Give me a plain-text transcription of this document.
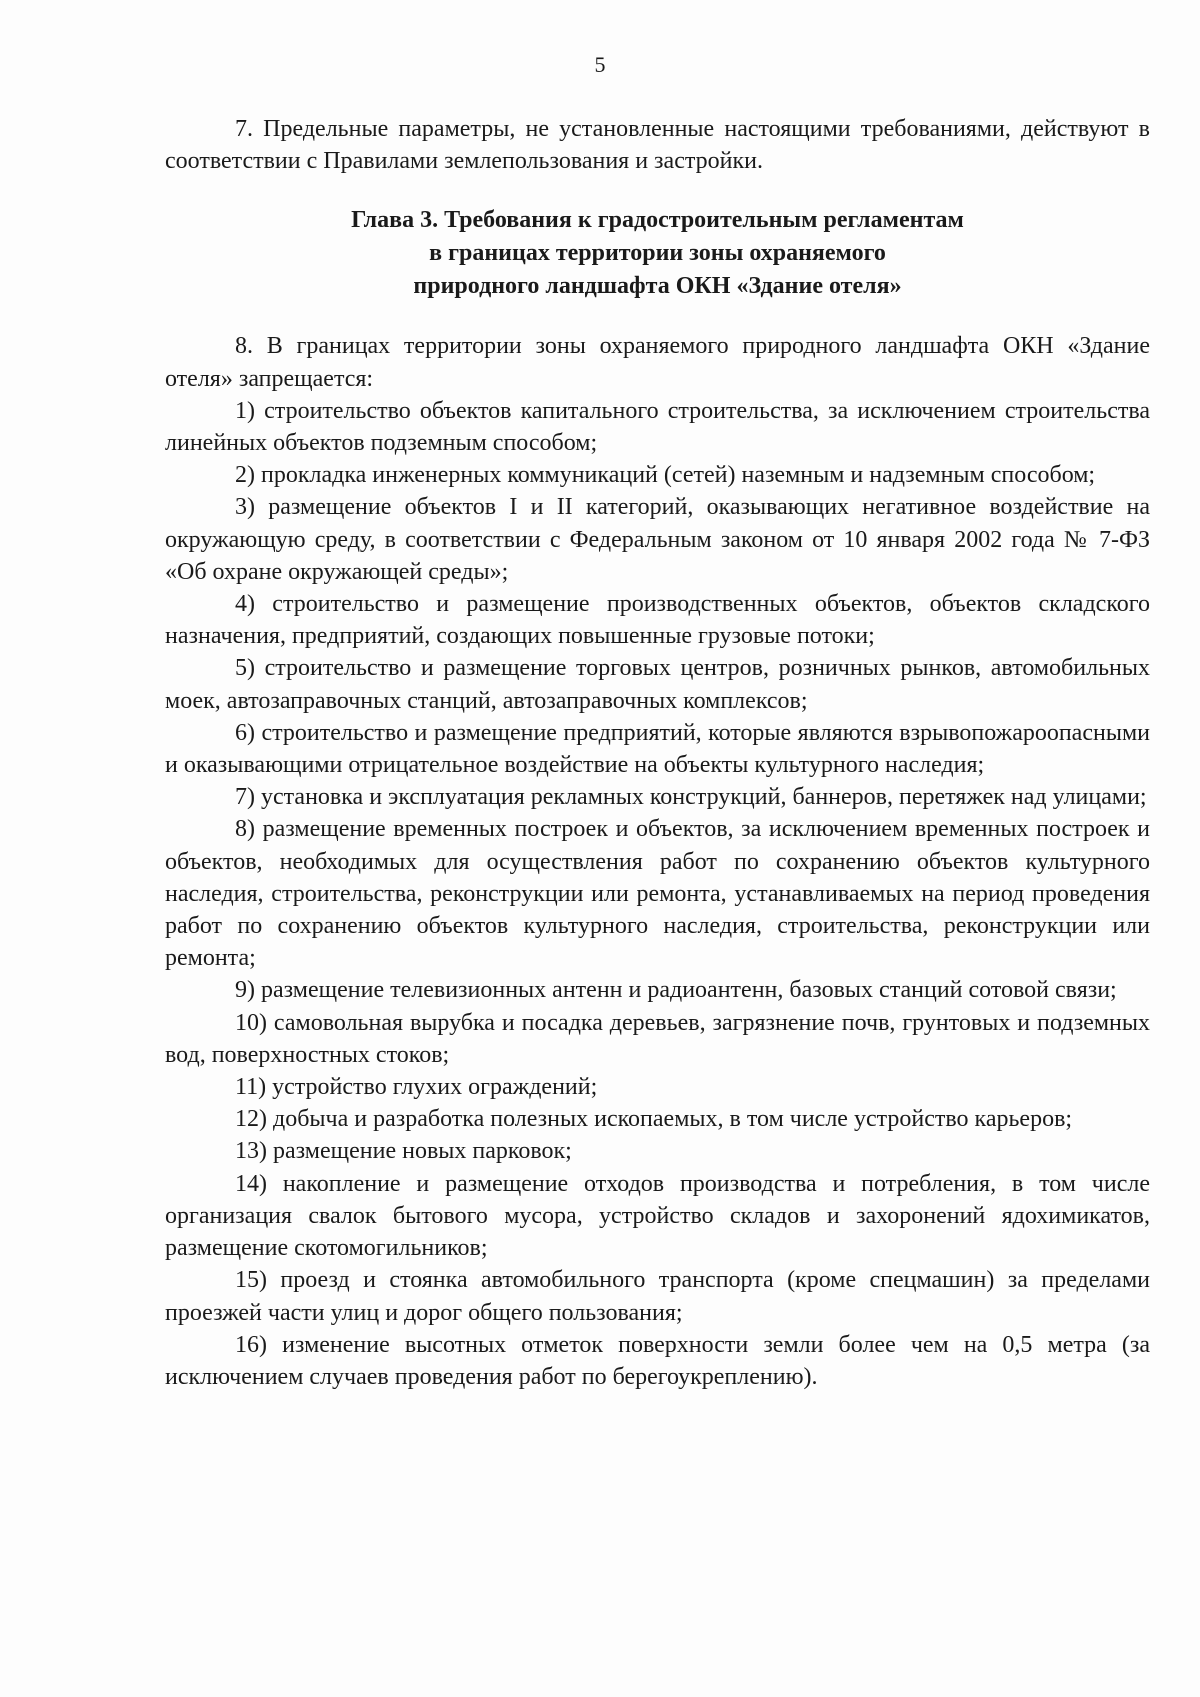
5

7. Предельные параметры, не установленные настоящими требованиями, действуют в соответствии с Правилами землепользования и застройки.

Глава 3. Требования к градостроительным регламентам
в границах территории зоны охраняемого
природного ландшафта ОКН «Здание отеля»

8. В границах территории зоны охраняемого природного ландшафта ОКН «Здание отеля» запрещается:

1) строительство объектов капитального строительства, за исключением строительства линейных объектов подземным способом;

2) прокладка инженерных коммуникаций (сетей) наземным и надземным способом;

3) размещение объектов I и II категорий, оказывающих негативное воздействие на окружающую среду, в соответствии с Федеральным законом от 10 января 2002 года № 7-ФЗ «Об охране окружающей среды»;

4) строительство и размещение производственных объектов, объектов складского назначения, предприятий, создающих повышенные грузовые потоки;

5) строительство и размещение торговых центров, розничных рынков, автомобильных моек, автозаправочных станций, автозаправочных комплексов;

6) строительство и размещение предприятий, которые являются взрывопожароопасными и оказывающими отрицательное воздействие на объекты культурного наследия;

7) установка и эксплуатация рекламных конструкций, баннеров, перетяжек над улицами;

8) размещение временных построек и объектов, за исключением временных построек и объектов, необходимых для осуществления работ по сохранению объектов культурного наследия, строительства, реконструкции или ремонта, устанавливаемых на период проведения работ по сохранению объектов культурного наследия, строительства, реконструкции или ремонта;

9) размещение телевизионных антенн и радиоантенн, базовых станций сотовой связи;

10) самовольная вырубка и посадка деревьев, загрязнение почв, грунтовых и подземных вод, поверхностных стоков;

11) устройство глухих ограждений;

12) добыча и разработка полезных ископаемых, в том числе устройство карьеров;

13) размещение новых парковок;

14) накопление и размещение отходов производства и потребления, в том числе организация свалок бытового мусора, устройство складов и захоронений ядохимикатов, размещение скотомогильников;

15) проезд и стоянка автомобильного транспорта (кроме спецмашин) за пределами проезжей части улиц и дорог общего пользования;

16) изменение высотных отметок поверхности земли более чем на 0,5 метра (за исключением случаев проведения работ по берегоукреплению).
